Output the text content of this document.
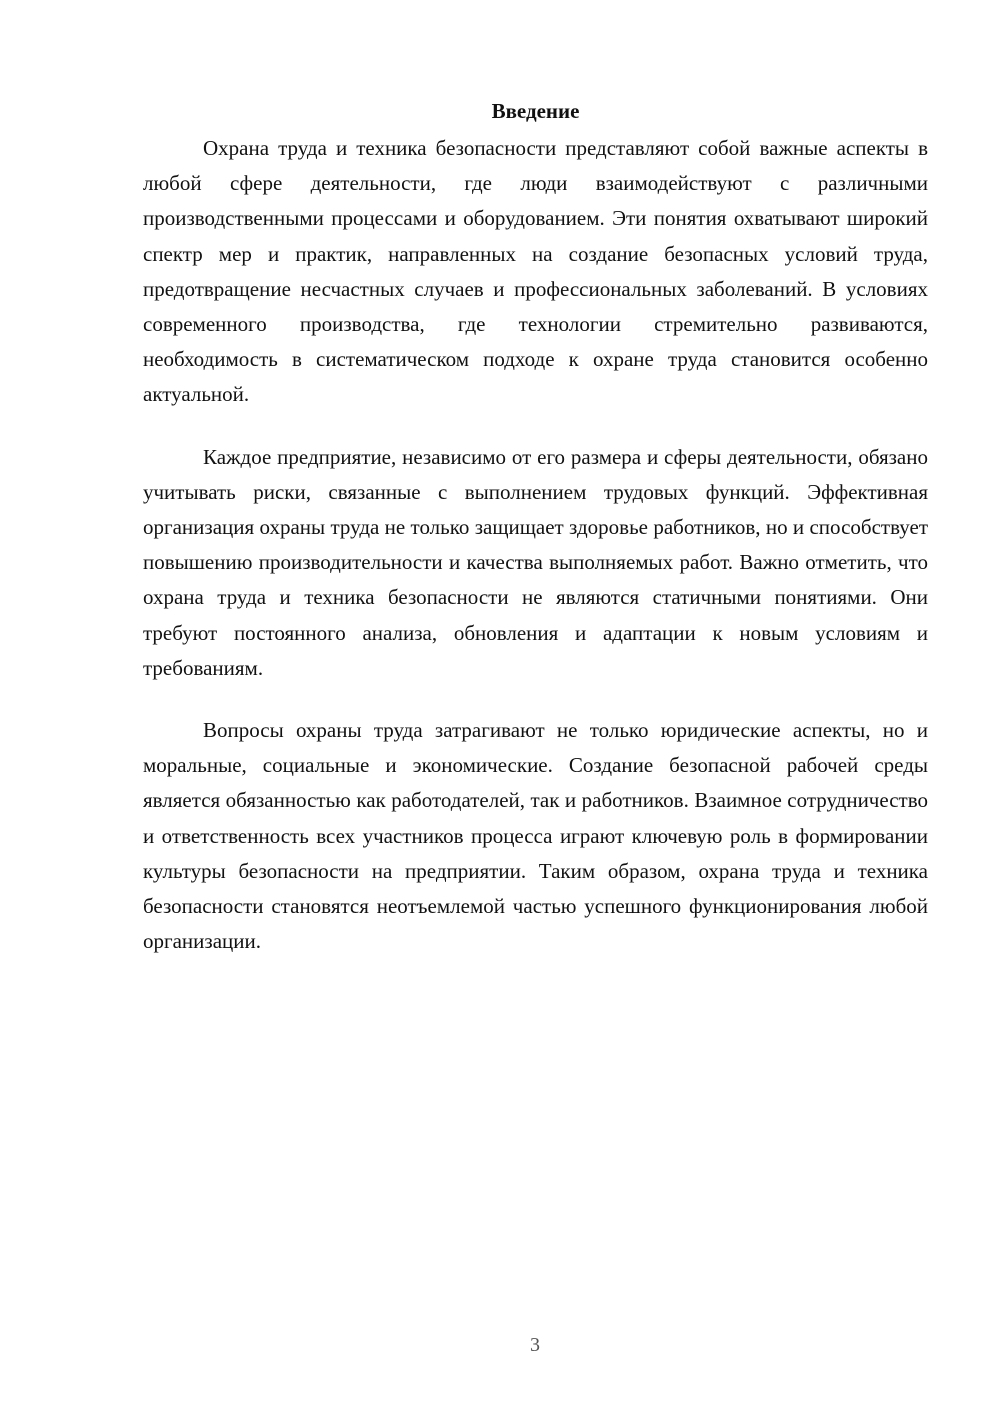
Введение

Охрана труда и техника безопасности представляют собой важные аспекты в любой сфере деятельности, где люди взаимодействуют с различными производственными процессами и оборудованием. Эти понятия охватывают широкий спектр мер и практик, направленных на создание безопасных условий труда, предотвращение несчастных случаев и профессиональных заболеваний. В условиях современного производства, где технологии стремительно развиваются, необходимость в систематическом подходе к охране труда становится особенно актуальной.

Каждое предприятие, независимо от его размера и сферы деятельности, обязано учитывать риски, связанные с выполнением трудовых функций. Эффективная организация охраны труда не только защищает здоровье работников, но и способствует повышению производительности и качества выполняемых работ. Важно отметить, что охрана труда и техника безопасности не являются статичными понятиями. Они требуют постоянного анализа, обновления и адаптации к новым условиям и требованиям.

Вопросы охраны труда затрагивают не только юридические аспекты, но и моральные, социальные и экономические. Создание безопасной рабочей среды является обязанностью как работодателей, так и работников. Взаимное сотрудничество и ответственность всех участников процесса играют ключевую роль в формировании культуры безопасности на предприятии. Таким образом, охрана труда и техника безопасности становятся неотъемлемой частью успешного функционирования любой организации.

3
